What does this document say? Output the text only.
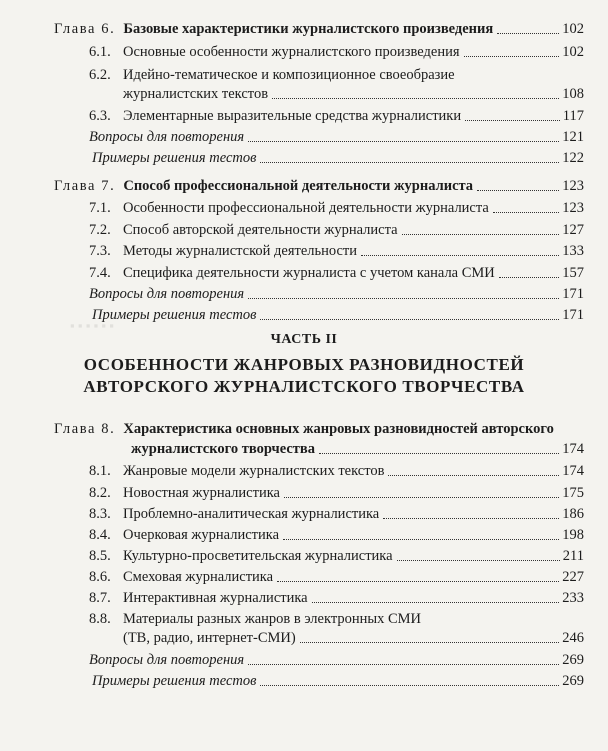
▪ ▪ ▪ ▪ ▪ ▪
Глава 6. Базовые характеристики журналистского произведения	102
6.1. Основные особенности журналистского произведения	102
6.2. Идейно-тематическое и композиционное своеобразие
журналистских текстов	108
6.3. Элементарные выразительные средства журналистики	117
Вопросы для повторения	121
Примеры решения тестов	122
Глава 7. Способ профессиональной деятельности журналиста	123
7.1. Особенности профессиональной деятельности журналиста	123
7.2. Способ авторской деятельности журналиста	127
7.3. Методы журналистской деятельности	133
7.4. Специфика деятельности журналиста с учетом канала СМИ	157
Вопросы для повторения	171
Примеры решения тестов	171
ЧАСТЬ II
ОСОБЕННОСТИ ЖАНРОВЫХ РАЗНОВИДНОСТЕЙ
АВТОРСКОГО ЖУРНАЛИСТСКОГО ТВОРЧЕСТВА
Глава 8. Характеристика основных жанровых разновидностей авторского
журналистского творчества	174
8.1. Жанровые модели журналистских текстов	174
8.2. Новостная журналистика	175
8.3. Проблемно-аналитическая журналистика	186
8.4. Очерковая журналистика	198
8.5. Культурно-просветительская журналистика	211
8.6. Смеховая журналистика	227
8.7. Интерактивная журналистика	233
8.8. Материалы разных жанров в электронных СМИ
(ТВ, радио, интернет-СМИ)	246
Вопросы для повторения	269
Примеры решения тестов	269
